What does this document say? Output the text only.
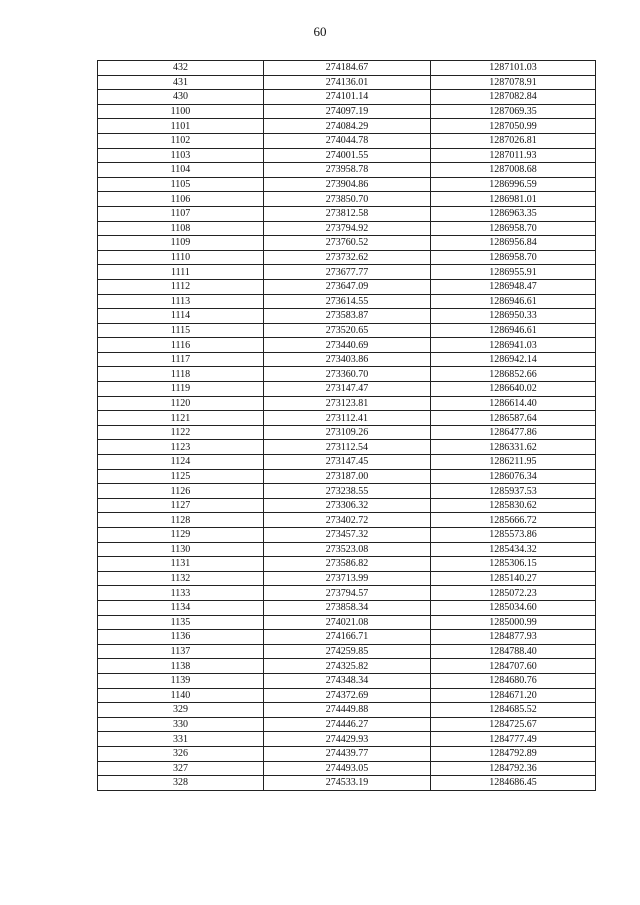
60
432	274184.67	1287101.03
431	274136.01	1287078.91
430	274101.14	1287082.84
1100	274097.19	1287069.35
1101	274084.29	1287050.99
1102	274044.78	1287026.81
1103	274001.55	1287011.93
1104	273958.78	1287008.68
1105	273904.86	1286996.59
1106	273850.70	1286981.01
1107	273812.58	1286963.35
1108	273794.92	1286958.70
1109	273760.52	1286956.84
1110	273732.62	1286958.70
1111	273677.77	1286955.91
1112	273647.09	1286948.47
1113	273614.55	1286946.61
1114	273583.87	1286950.33
1115	273520.65	1286946.61
1116	273440.69	1286941.03
1117	273403.86	1286942.14
1118	273360.70	1286852.66
1119	273147.47	1286640.02
1120	273123.81	1286614.40
1121	273112.41	1286587.64
1122	273109.26	1286477.86
1123	273112.54	1286331.62
1124	273147.45	1286211.95
1125	273187.00	1286076.34
1126	273238.55	1285937.53
1127	273306.32	1285830.62
1128	273402.72	1285666.72
1129	273457.32	1285573.86
1130	273523.08	1285434.32
1131	273586.82	1285306.15
1132	273713.99	1285140.27
1133	273794.57	1285072.23
1134	273858.34	1285034.60
1135	274021.08	1285000.99
1136	274166.71	1284877.93
1137	274259.85	1284788.40
1138	274325.82	1284707.60
1139	274348.34	1284680.76
1140	274372.69	1284671.20
329	274449.88	1284685.52
330	274446.27	1284725.67
331	274429.93	1284777.49
326	274439.77	1284792.89
327	274493.05	1284792.36
328	274533.19	1284686.45
